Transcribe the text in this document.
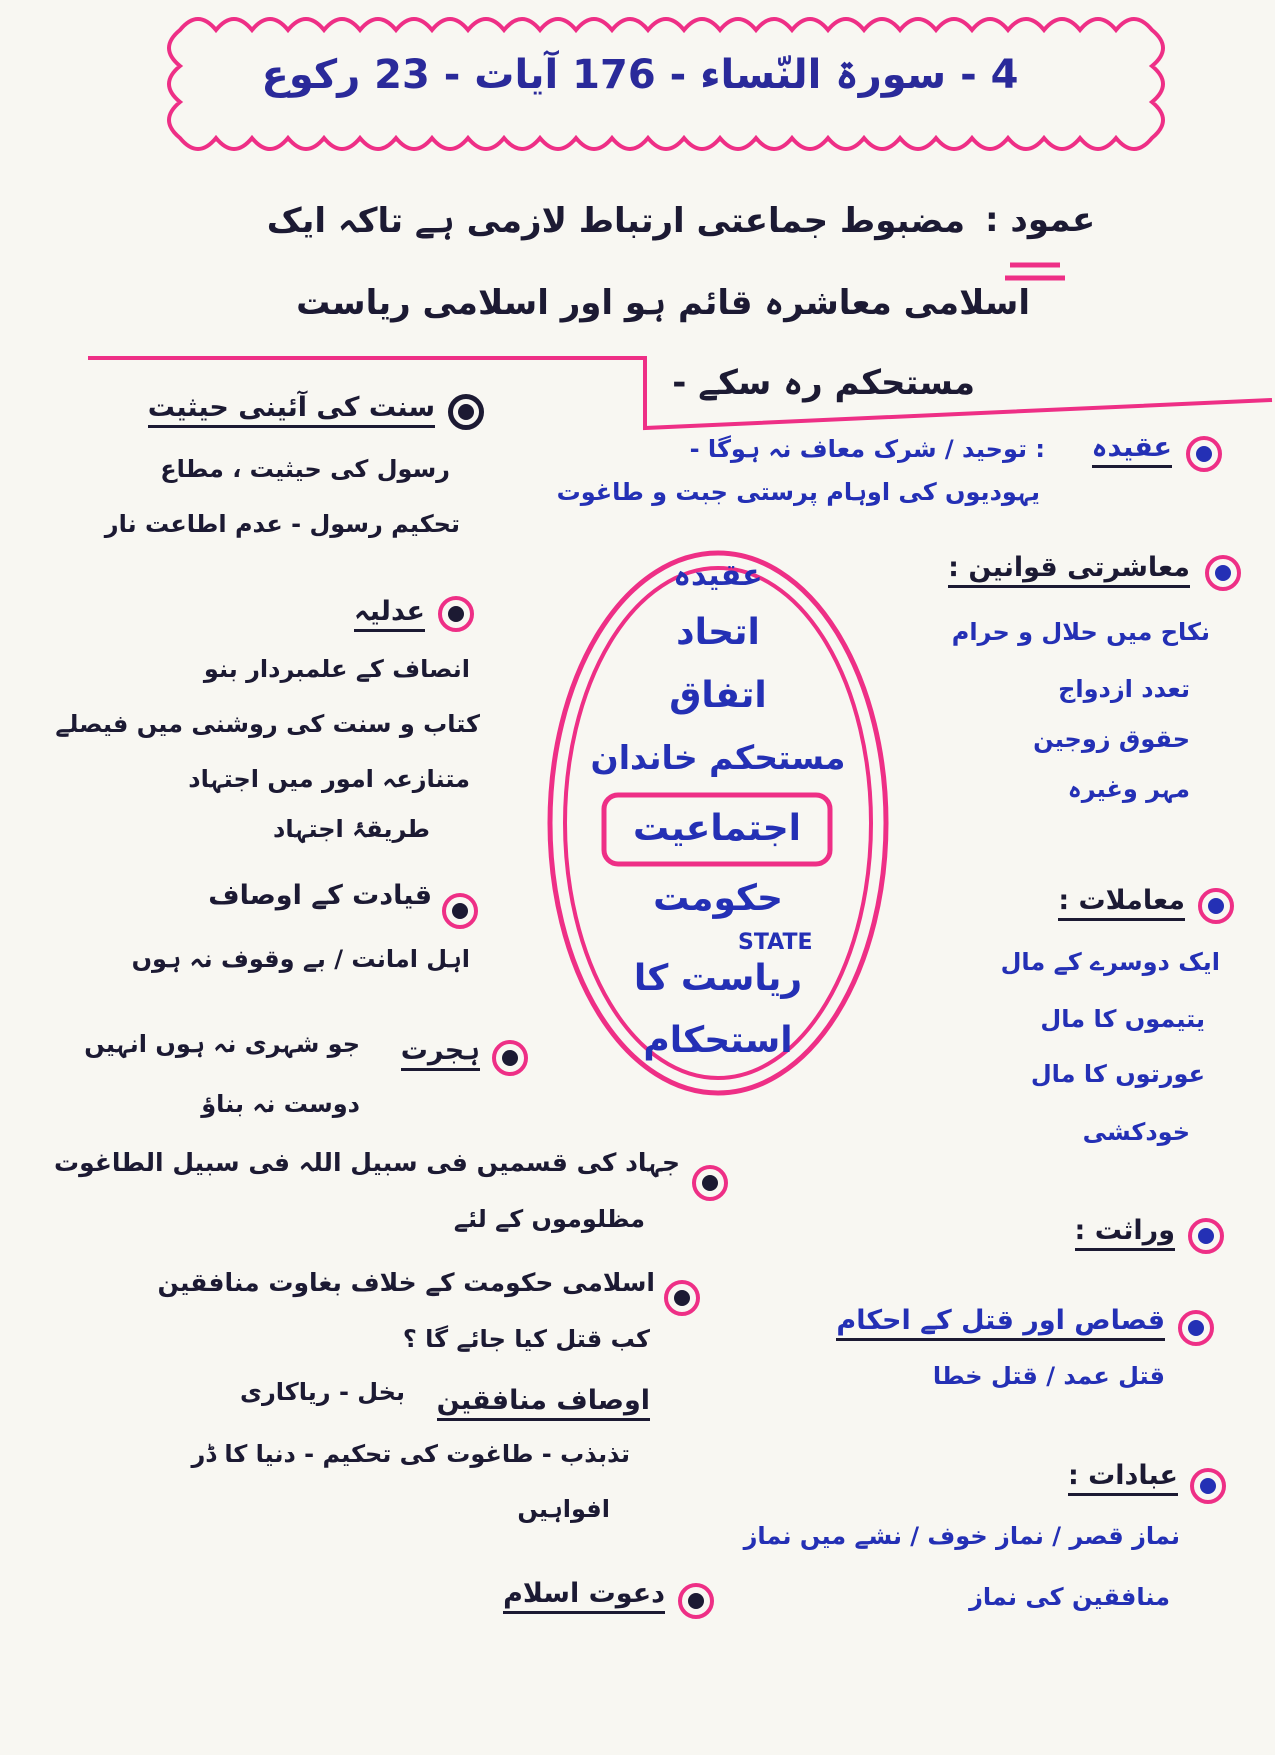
4 - سورۃ النّساء - 176 آیات - 23 رکوع
عمود :
مضبوط جماعتی ارتباط لازمی ہے تاکہ ایک
اسلامی معاشرہ قائم ہو اور اسلامی ریاست
مستحکم رہ سکے -
سنت کی آئینی حیثیت
رسول کی حیثیت ، مطاع
تحکیم رسول - عدم اطاعت نار
عدلیہ
انصاف کے علمبردار بنو
کتاب و سنت کی روشنی میں فیصلے
متنازعہ امور میں اجتہاد
طریقۂ اجتہاد
قیادت کے اوصاف
اہل امانت / بے وقوف نہ ہوں
ہجرت
جو شہری نہ ہوں انہیں
دوست نہ بناؤ
جہاد کی قسمیں فی سبیل اللہ فی سبیل الطاغوت
مظلوموں کے لئے
اسلامی حکومت کے خلاف بغاوت منافقین
کب قتل کیا جائے گا ؟
اوصاف منافقین
بخل - ریاکاری
تذبذب - طاغوت کی تحکیم - دنیا کا ڈر
افواہیں
دعوت اسلام
عقیدہ
اتحاد
اتفاق
مستحکم خاندان
اجتماعیت
حکومت
STATE
ریاست کا
استحکام
عقیدہ
: توحید / شرک معاف نہ ہوگا -
یہودیوں کی اوہام پرستی جبت و طاغوت
معاشرتی قوانین :
نکاح میں حلال و حرام
تعدد ازدواج
حقوق زوجین
مہر وغیرہ
معاملات :
ایک دوسرے کے مال
یتیموں کا مال
عورتوں کا مال
خودکشی
وراثت :
قصاص اور قتل کے احکام
قتل عمد / قتل خطا
عبادات :
نماز قصر / نماز خوف / نشے میں نماز
منافقین کی نماز
